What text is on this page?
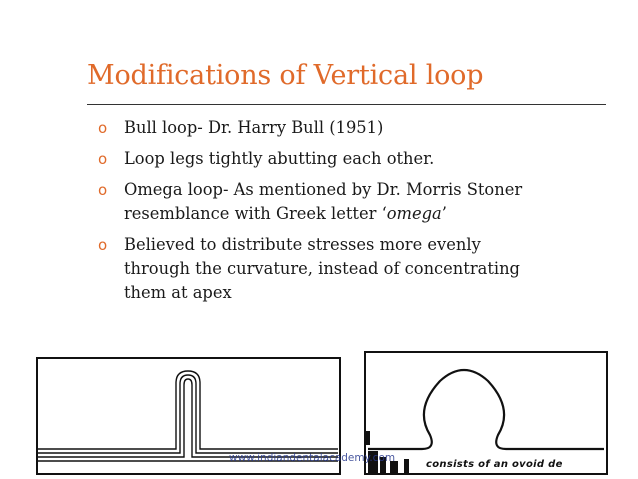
Modifications of Vertical loop
o Bull loop- Dr. Harry Bull (1951)
o Loop legs tightly abutting each other.
o Omega loop- As mentioned by Dr. Morris Stoner
resemblance with Greek letter ‘omega’
o Believed to distribute stresses more evenly
through the curvature, instead of concentrating
them at apex
consists of an ovoid de
www.indiandentalacademy.com
